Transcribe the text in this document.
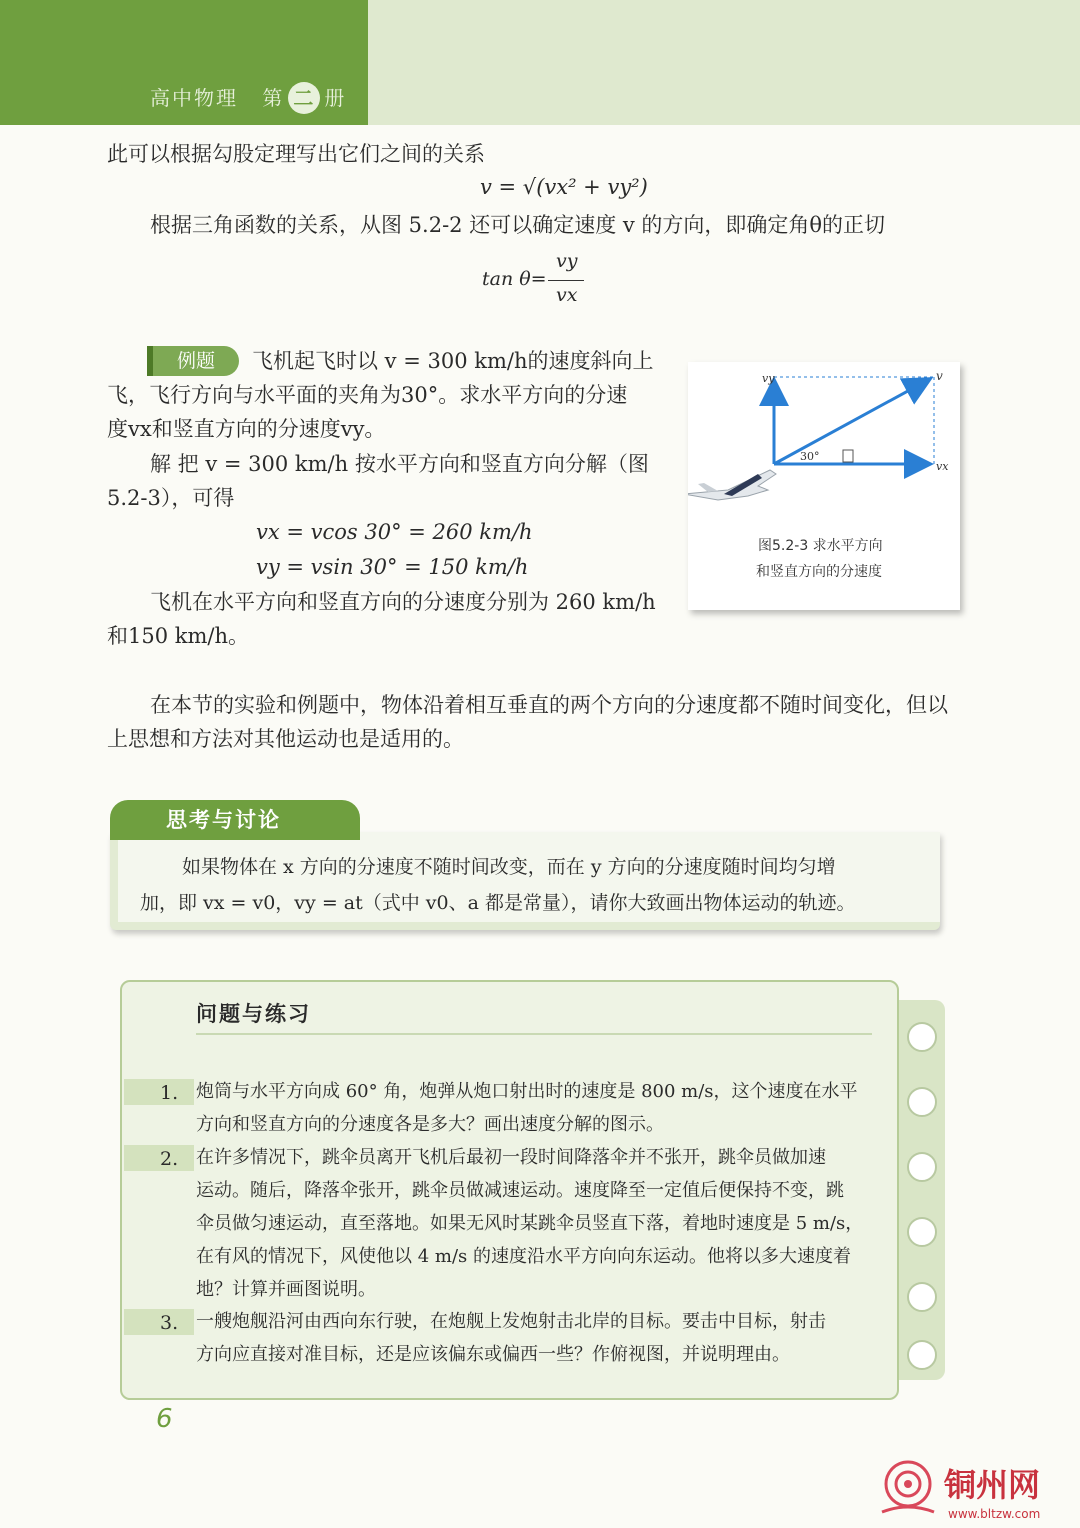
高中物理 第 二 册
此可以根据勾股定理写出它们之间的关系
v = √(vx² + vy²)
根据三角函数的关系，从图 5.2-2 还可以确定速度 v 的方向，即确定角θ的正切
tan θ=
vy
vx
例题	飞机起飞时以 v = 300 km/h的速度斜向上
飞，飞行方向与水平面的夹角为30°。求水平方向的分速
度vx和竖直方向的分速度vy。
解 把 v = 300 km/h 按水平方向和竖直方向分解（图
5.2-3），可得
vx = vcos 30° = 260 km/h
vy = vsin 30° = 150 km/h
飞机在水平方向和竖直方向的分速度分别为 260 km/h
和150 km/h。
vy	v
vx
30°
图5.2-3 求水平方向
和竖直方向的分速度
在本节的实验和例题中，物体沿着相互垂直的两个方向的分速度都不随时间变化，但以
上思想和方法对其他运动也是适用的。
思考与讨论
如果物体在 x 方向的分速度不随时间改变，而在 y 方向的分速度随时间均匀增
加，即 vx = v0，vy = at（式中 v0、a 都是常量），请你大致画出物体运动的轨迹。
问题与练习
1. 炮筒与水平方向成 60° 角，炮弹从炮口射出时的速度是 800 m/s，这个速度在水平
方向和竖直方向的分速度各是多大？画出速度分解的图示。
2. 在许多情况下，跳伞员离开飞机后最初一段时间降落伞并不张开，跳伞员做加速
运动。随后，降落伞张开，跳伞员做减速运动。速度降至一定值后便保持不变，跳
伞员做匀速运动，直至落地。如果无风时某跳伞员竖直下落，着地时速度是 5 m/s，
在有风的情况下，风使他以 4 m/s 的速度沿水平方向向东运动。他将以多大速度着
地？计算并画图说明。
3. 一艘炮舰沿河由西向东行驶，在炮舰上发炮射击北岸的目标。要击中目标，射击
方向应直接对准目标，还是应该偏东或偏西一些？作俯视图，并说明理由。
6
铜州网
www.bltzw.com
